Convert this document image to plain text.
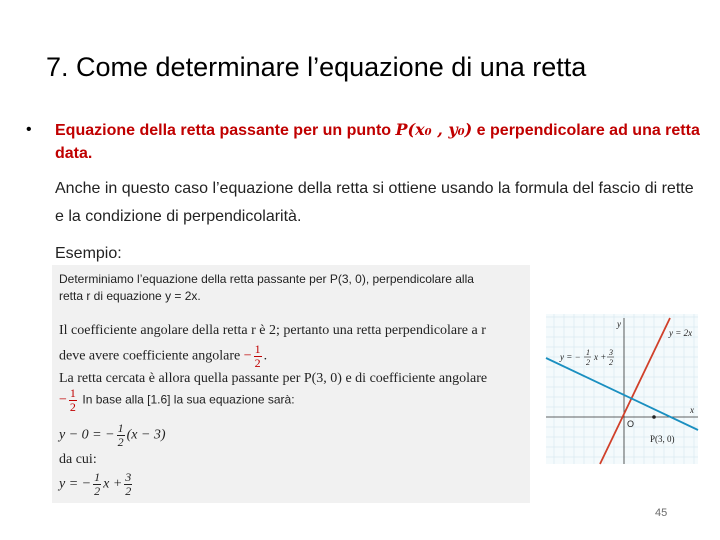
7. Come determinare l’equazione di una retta
• Equazione della retta passante per un punto P(x₀ , y₀) e perpendicolare ad una retta data.
Anche in questo caso l’equazione della retta si ottiene usando la formula del fascio di rette e la condizione di perpendicolarità.
Esempio:
Determiniamo l’equazione della retta passante per P(3, 0), perpendicolare alla
retta r di equazione y = 2x.
Il coefficiente angolare della retta r è 2; pertanto una retta perpendicolare a r
deve avere coefficiente angolare − $\frac{1}{2}$ .
La retta cercata è allora quella passante per P(3, 0) e di coefficiente angolare
− $\frac{1}{2}$ In base alla [1.6] la sua equazione sarà:
y − 0 = − $\frac{1}{2} (x - 3)$
da cui:
y = − $\frac{1}{2}$ $x + \frac{3}{2}$
x
y
O
y = 2x
y = − 1
2
x + 3
2
P(3, 0)
45
